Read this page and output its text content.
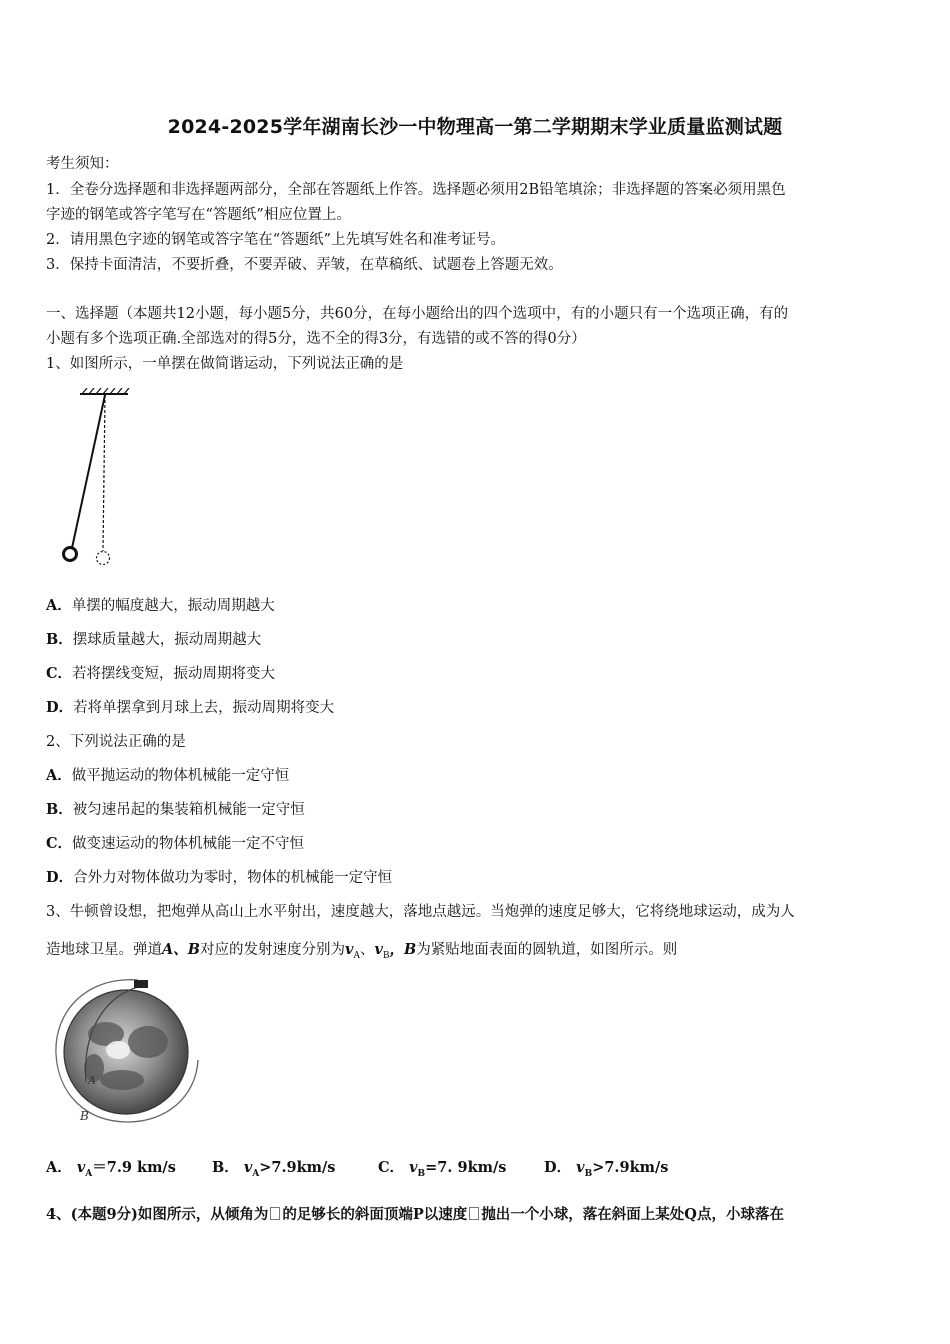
2024-2025学年湖南长沙一中物理高一第二学期期末学业质量监测试题
考生须知：
1．全卷分选择题和非选择题两部分，全部在答题纸上作答。选择题必须用2B铅笔填涂；非选择题的答案必须用黑色
字迹的钢笔或答字笔写在“答题纸”相应位置上。
2．请用黑色字迹的钢笔或答字笔在“答题纸”上先填写姓名和准考证号。
3．保持卡面清洁，不要折叠，不要弄破、弄皱，在草稿纸、试题卷上答题无效。
一、选择题（本题共12小题，每小题5分，共60分，在每小题给出的四个选项中，有的小题只有一个选项正确，有的
小题有多个选项正确.全部选对的得5分，选不全的得3分，有选错的或不答的得0分）
1、如图所示，一单摆在做简谐运动，下列说法正确的是
A．单摆的幅度越大，振动周期越大
B．摆球质量越大，振动周期越大
C．若将摆线变短，振动周期将变大
D．若将单摆拿到月球上去，振动周期将变大
2、下列说法正确的是
A．做平抛运动的物体机械能一定守恒
B．被匀速吊起的集装箱机械能一定守恒
C．做变速运动的物体机械能一定不守恒
D．合外力对物体做功为零时，物体的机械能一定守恒
3、牛顿曾设想，把炮弹从高山上水平射出，速度越大，落地点越远。当炮弹的速度足够大，它将绕地球运动，成为人
造地球卫星。弹道A、B对应的发射速度分别为$v_A$、$v_B$，B为紧贴地面表面的圆轨道，如图所示。则
A
B
A． $v_A=7.9$ km/s B． $v_A>7.9km/s$	C． $v_B=7$. 9km/s	D． $v_B>7.9km/s$
4、(本题9分)如图所示，从倾角为 的足够长的斜面顶端P以速度 抛出一个小球，落在斜面上某处Q点，小球落在
